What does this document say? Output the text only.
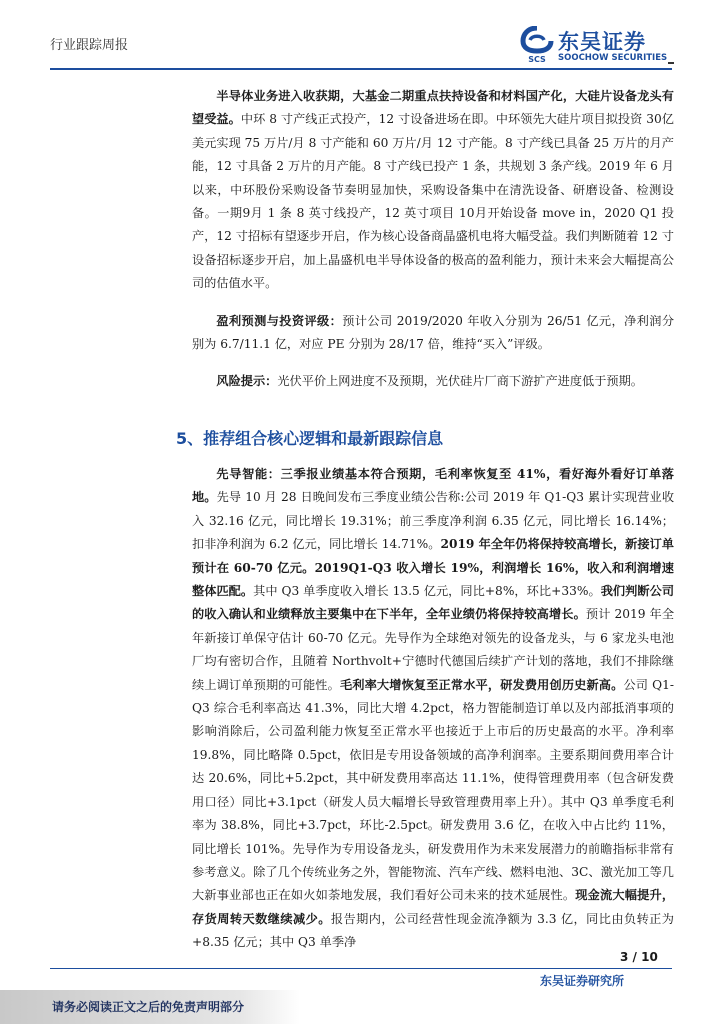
行业跟踪周报
SCS
东吴证券
SOOCHOW SECURITIES

半导体业务进入收获期，大基金二期重点扶持设备和材料国产化，大硅片设备龙头有望受益。中环 8 寸产线正式投产，12 寸设备进场在即。中环领先大硅片项目拟投资 30亿美元实现 75 万片/月 8 寸产能和 60 万片/月 12 寸产能。8 寸产线已具备 25 万片的月产能，12 寸具备 2 万片的月产能。8 寸产线已投产 1 条，共规划 3 条产线。2019 年 6 月以来，中环股份采购设备节奏明显加快，采购设备集中在清洗设备、研磨设备、检测设备。一期9月 1 条 8 英寸线投产，12 英寸项目 10月开始设备 move in，2020 Q1 投产，12 寸招标有望逐步开启，作为核心设备商晶盛机电将大幅受益。我们判断随着 12 寸设备招标逐步开启，加上晶盛机电半导体设备的极高的盈利能力，预计未来会大幅提高公司的估值水平。

盈利预测与投资评级：预计公司 2019/2020 年收入分别为 26/51 亿元，净利润分别为 6.7/11.1 亿，对应 PE 分别为 28/17 倍，维持“买入”评级。

风险提示：光伏平价上网进度不及预期，光伏硅片厂商下游扩产进度低于预期。

5、推荐组合核心逻辑和最新跟踪信息

先导智能：三季报业绩基本符合预期，毛利率恢复至 41%，看好海外看好订单落地。先导 10 月 28 日晚间发布三季度业绩公告称:公司 2019 年 Q1-Q3 累计实现营业收入 32.16 亿元，同比增长 19.31%；前三季度净利润 6.35 亿元，同比增长 16.14%；扣非净利润为 6.2 亿元，同比增长 14.71%。2019 年全年仍将保持较高增长，新接订单预计在 60-70 亿元。2019Q1-Q3 收入增长 19%，利润增长 16%，收入和利润增速整体匹配。其中 Q3 单季度收入增长 13.5 亿元，同比+8%，环比+33%。我们判断公司的收入确认和业绩释放主要集中在下半年，全年业绩仍将保持较高增长。预计 2019 年全年新接订单保守估计 60-70 亿元。先导作为全球绝对领先的设备龙头，与 6 家龙头电池厂均有密切合作，且随着 Northvolt+宁德时代德国后续扩产计划的落地，我们不排除继续上调订单预期的可能性。毛利率大增恢复至正常水平，研发费用创历史新高。公司 Q1-Q3 综合毛利率高达 41.3%，同比大增 4.2pct，格力智能制造订单以及内部抵消事项的影响消除后，公司盈利能力恢复至正常水平也接近于上市后的历史最高的水平。净利率 19.8%，同比略降 0.5pct，依旧是专用设备领域的高净利润率。主要系期间费用率合计达 20.6%，同比+5.2pct，其中研发费用率高达 11.1%，使得管理费用率（包含研发费用口径）同比+3.1pct（研发人员大幅增长导致管理费用率上升）。其中 Q3 单季度毛利率为 38.8%，同比+3.7pct，环比-2.5pct。研发费用 3.6 亿，在收入中占比约 11%，同比增长 101%。先导作为专用设备龙头，研发费用作为未来发展潜力的前瞻指标非常有参考意义。除了几个传统业务之外，智能物流、汽车产线、燃料电池、3C、激光加工等几大新事业部也正在如火如荼地发展，我们看好公司未来的技术延展性。现金流大幅提升，存货周转天数继续减少。报告期内，公司经营性现金流净额为 3.3 亿，同比由负转正为+8.35 亿元；其中 Q3 单季净

3 / 10
东吴证券研究所
请务必阅读正文之后的免责声明部分
